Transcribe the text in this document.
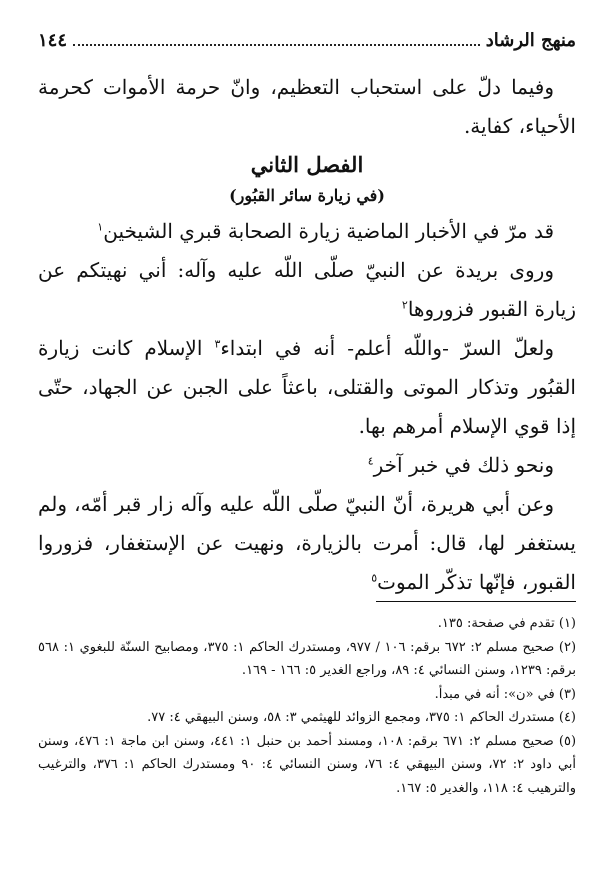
منهج الرشاد
١٤٤

وفيما دلّ على استحباب التعظيم، وانّ حرمة الأموات كحرمة الأحياء، كفاية.

الفصل الثاني

(في زيارة سائر القبُور)

قد مرّ في الأخبار الماضية زيارة الصحابة قبري الشيخين$^١$

وروى بريدة عن النبيّ صلّى اللّه عليه وآله: أني نهيتكم عن زيارة القبور فزوروها$^٢$

ولعلّ السرّ -واللّه أعلم- أنه في ابتداء$^٣$ الإسلام كانت زيارة القبُور وتذكار الموتى والقتلى، باعثاً على الجبن عن الجهاد، حتّى إذا قوي الإسلام أمرهم بها.

ونحو ذلك في خبر آخر$^٤$

وعن أبي هريرة، أنّ النبيّ صلّى اللّه عليه وآله زار قبر أمّه، ولم يستغفر لها، قال: أمرت بالزيارة، ونهيت عن الإستغفار، فزوروا القبور، فإنّها تذكّر الموت$^٥$

(١) تقدم في صفحة: ١٣٥.

(٢) صحيح مسلم ٢: ٦٧٢ برقم: ١٠٦ / ٩٧٧، ومستدرك الحاكم ١: ٣٧٥، ومصابيح السنّة للبغوي ١: ٥٦٨ برقم: ١٢٣٩، وسنن النسائي ٤: ٨٩، وراجع الغدير ٥: ١٦٦ - ١٦٩.

(٣) في «ن»: أنه في مبدأ.

(٤) مستدرك الحاكم ١: ٣٧٥، ومجمع الزوائد للهيثمي ٣: ٥٨، وسنن البيهقي ٤: ٧٧.

(٥) صحيح مسلم ٢: ٦٧١ برقم: ١٠٨، ومسند أحمد بن حنبل ١: ٤٤١، وسنن ابن ماجة ١: ٤٧٦، وسنن أبي داود ٢: ٧٢، وسنن البيهقي ٤: ٧٦، وسنن النسائي ٤: ٩٠ ومستدرك الحاكم ١: ٣٧٦، والترغيب والترهيب ٤: ١١٨، والغدير ٥: ١٦٧.
